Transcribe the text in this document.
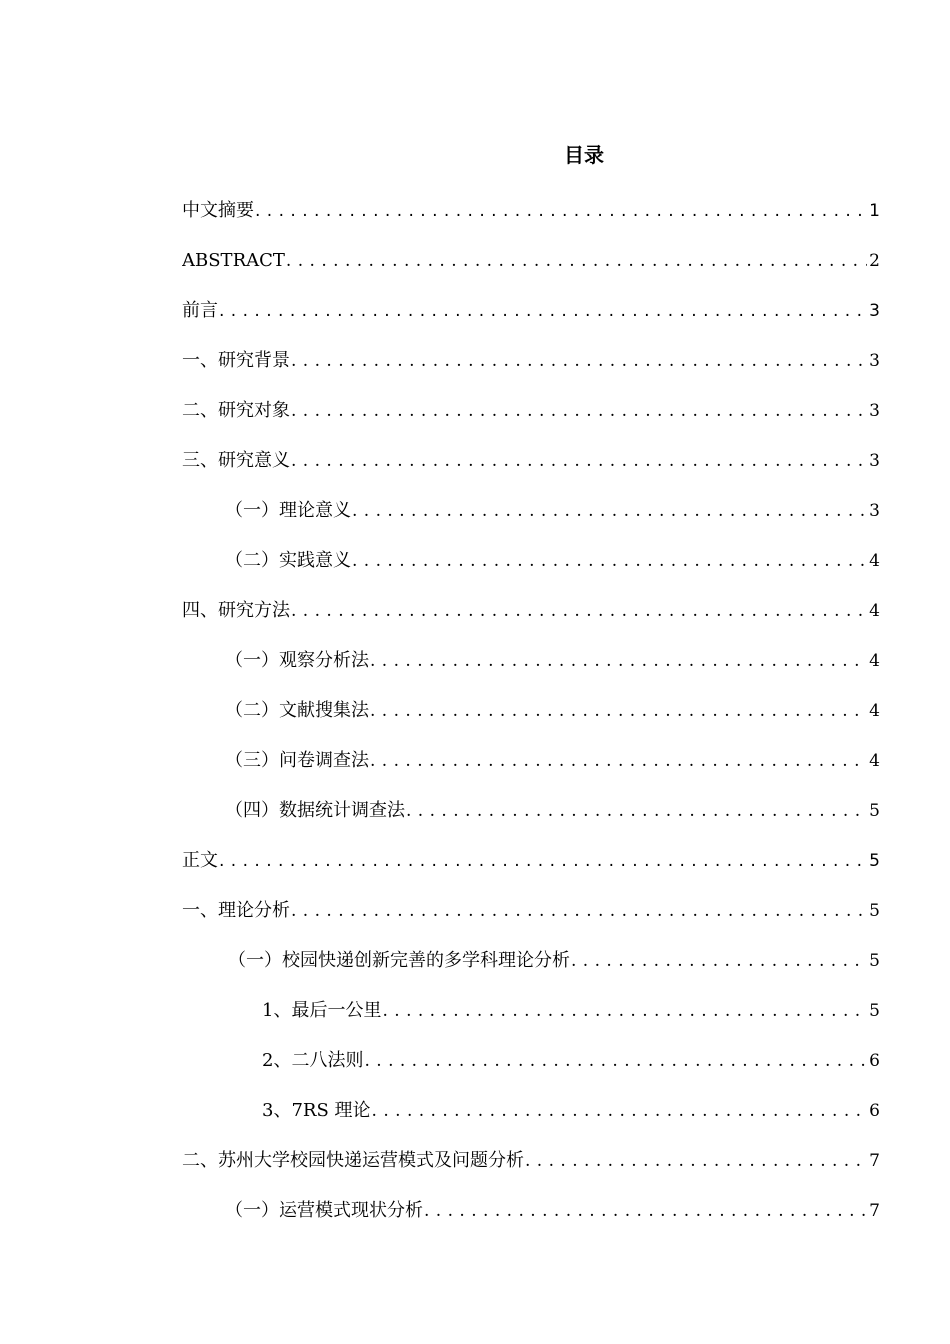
目录
中文摘要 . . .	1
ABSTRACT . . .	2
前言 . . .	3
一、研究背景 . . .	3
二、研究对象 . . .	3
三、研究意义 . . .	3
（一）理论意义 . . .	3
（二）实践意义 . . .	4
四、研究方法 . . .	4
（一）观察分析法 . . .	4
（二）文献搜集法 . . .	4
（三）问卷调查法 . . .	4
（四）数据统计调查法 . . .	5
正文 . . .	5
一、理论分析 . . .	5
（一）校园快递创新完善的多学科理论分析 . . .	5
1、最后一公里 . . .	5
2、二八法则 . . .	6
3、7RS 理论 . . .	6
二、苏州大学校园快递运营模式及问题分析 . . .	7
（一）运营模式现状分析 . . .	7
